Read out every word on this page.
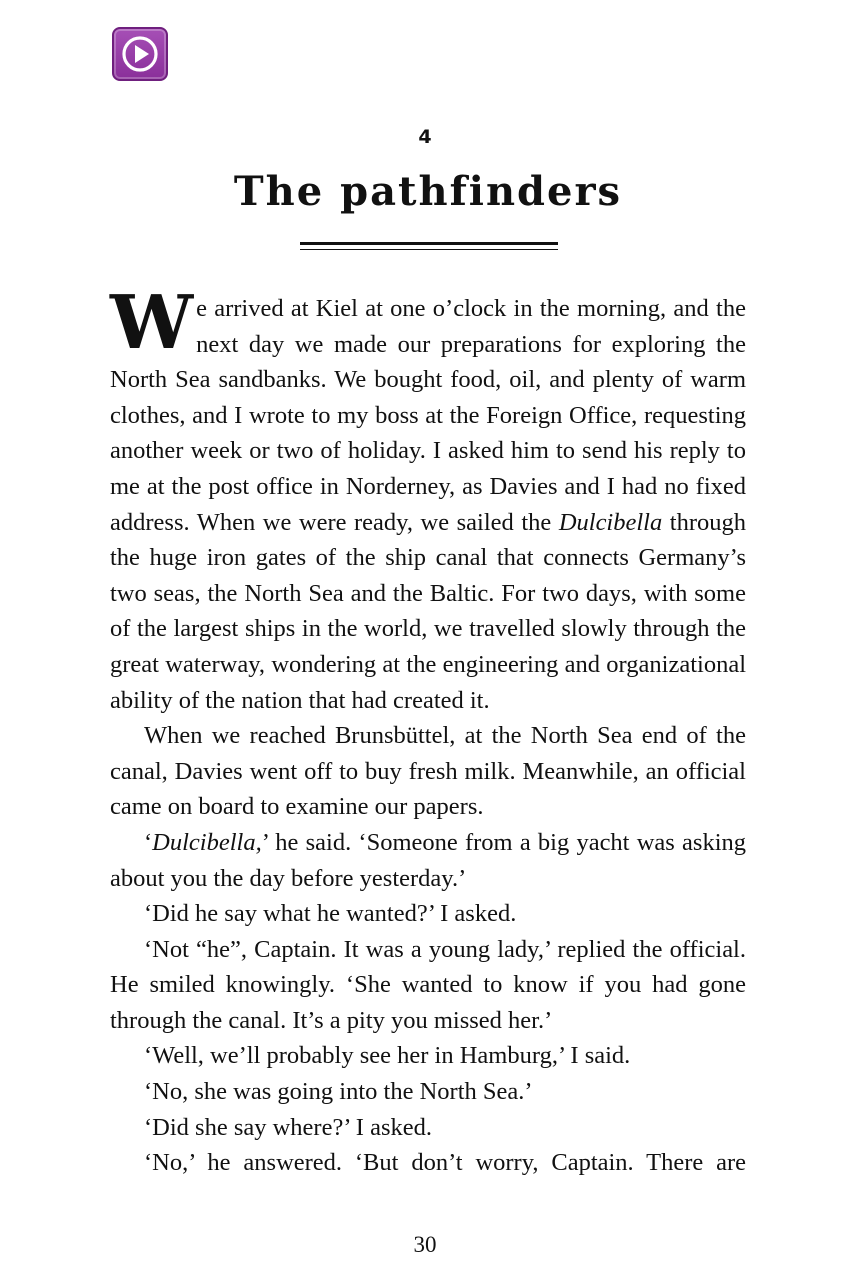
4
The pathfinders

We arrived at Kiel at one o’clock in the morning, and the next day we made our preparations for exploring the North Sea sandbanks. We bought food, oil, and plenty of warm clothes, and I wrote to my boss at the Foreign Office, requesting another week or two of holiday. I asked him to send his reply to me at the post office in Norderney, as Davies and I had no fixed address. When we were ready, we sailed the Dulcibella through the huge iron gates of the ship canal that connects Germany’s two seas, the North Sea and the Baltic. For two days, with some of the largest ships in the world, we travelled slowly through the great waterway, wondering at the engineering and organizational ability of the nation that had created it.

When we reached Brunsbüttel, at the North Sea end of the canal, Davies went off to buy fresh milk. Meanwhile, an official came on board to examine our papers.

‘Dulcibella,’ he said. ‘Someone from a big yacht was asking about you the day before yesterday.’

‘Did he say what he wanted?’ I asked.

‘Not “he”, Captain. It was a young lady,’ replied the official. He smiled knowingly. ‘She wanted to know if you had gone through the canal. It’s a pity you missed her.’

‘Well, we’ll probably see her in Hamburg,’ I said.

‘No, she was going into the North Sea.’

‘Did she say where?’ I asked.

‘No,’ he answered. ‘But don’t worry, Captain. There are

30
